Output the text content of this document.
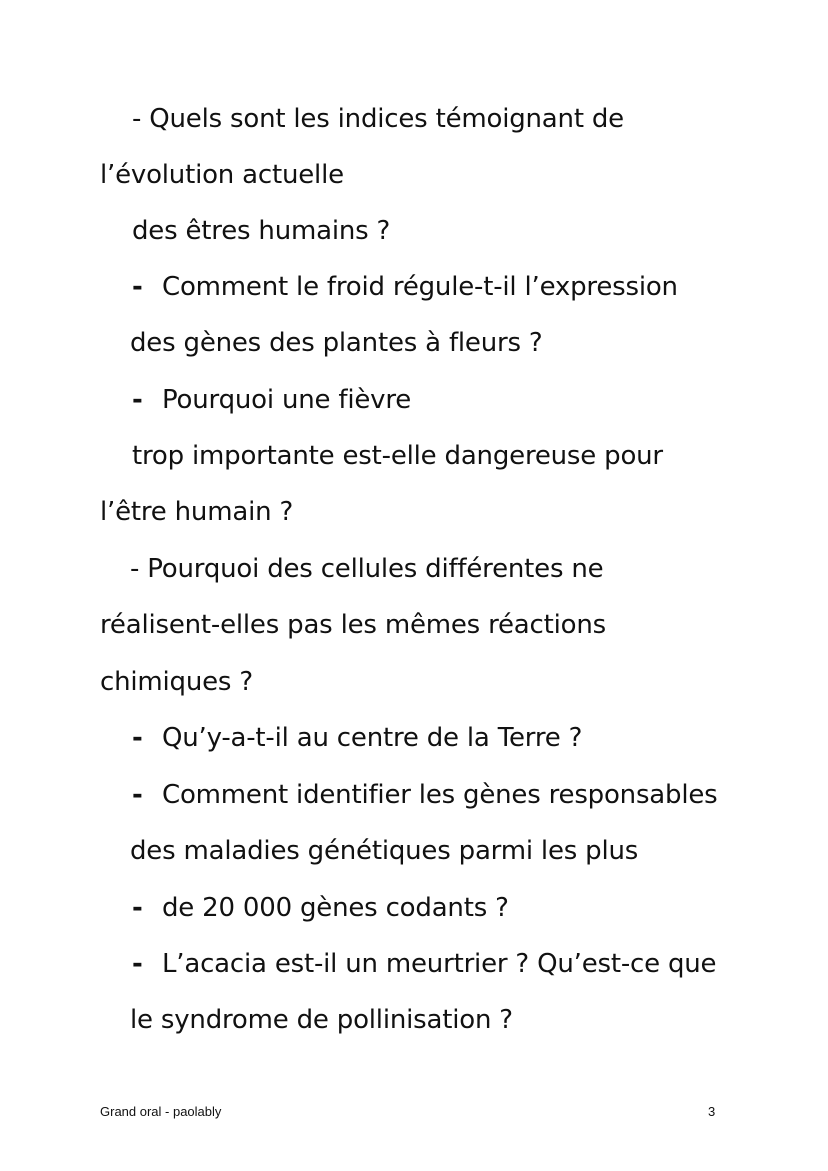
- Quels sont les indices témoignant de
l’évolution actuelle
des êtres humains ?
- Comment le froid régule-t-il l’expression
des gènes des plantes à fleurs ?
- Pourquoi une fièvre
trop importante est-elle dangereuse pour
l’être humain ?
- Pourquoi des cellules différentes ne
réalisent-elles pas les mêmes réactions
chimiques ?
- Qu’y-a-t-il au centre de la Terre ?
- Comment identifier les gènes responsables
des maladies génétiques parmi les plus
- de 20 000 gènes codants ?
- L’acacia est-il un meurtrier ? Qu’est-ce que
le syndrome de pollinisation ?
Grand oral - paolably	3
